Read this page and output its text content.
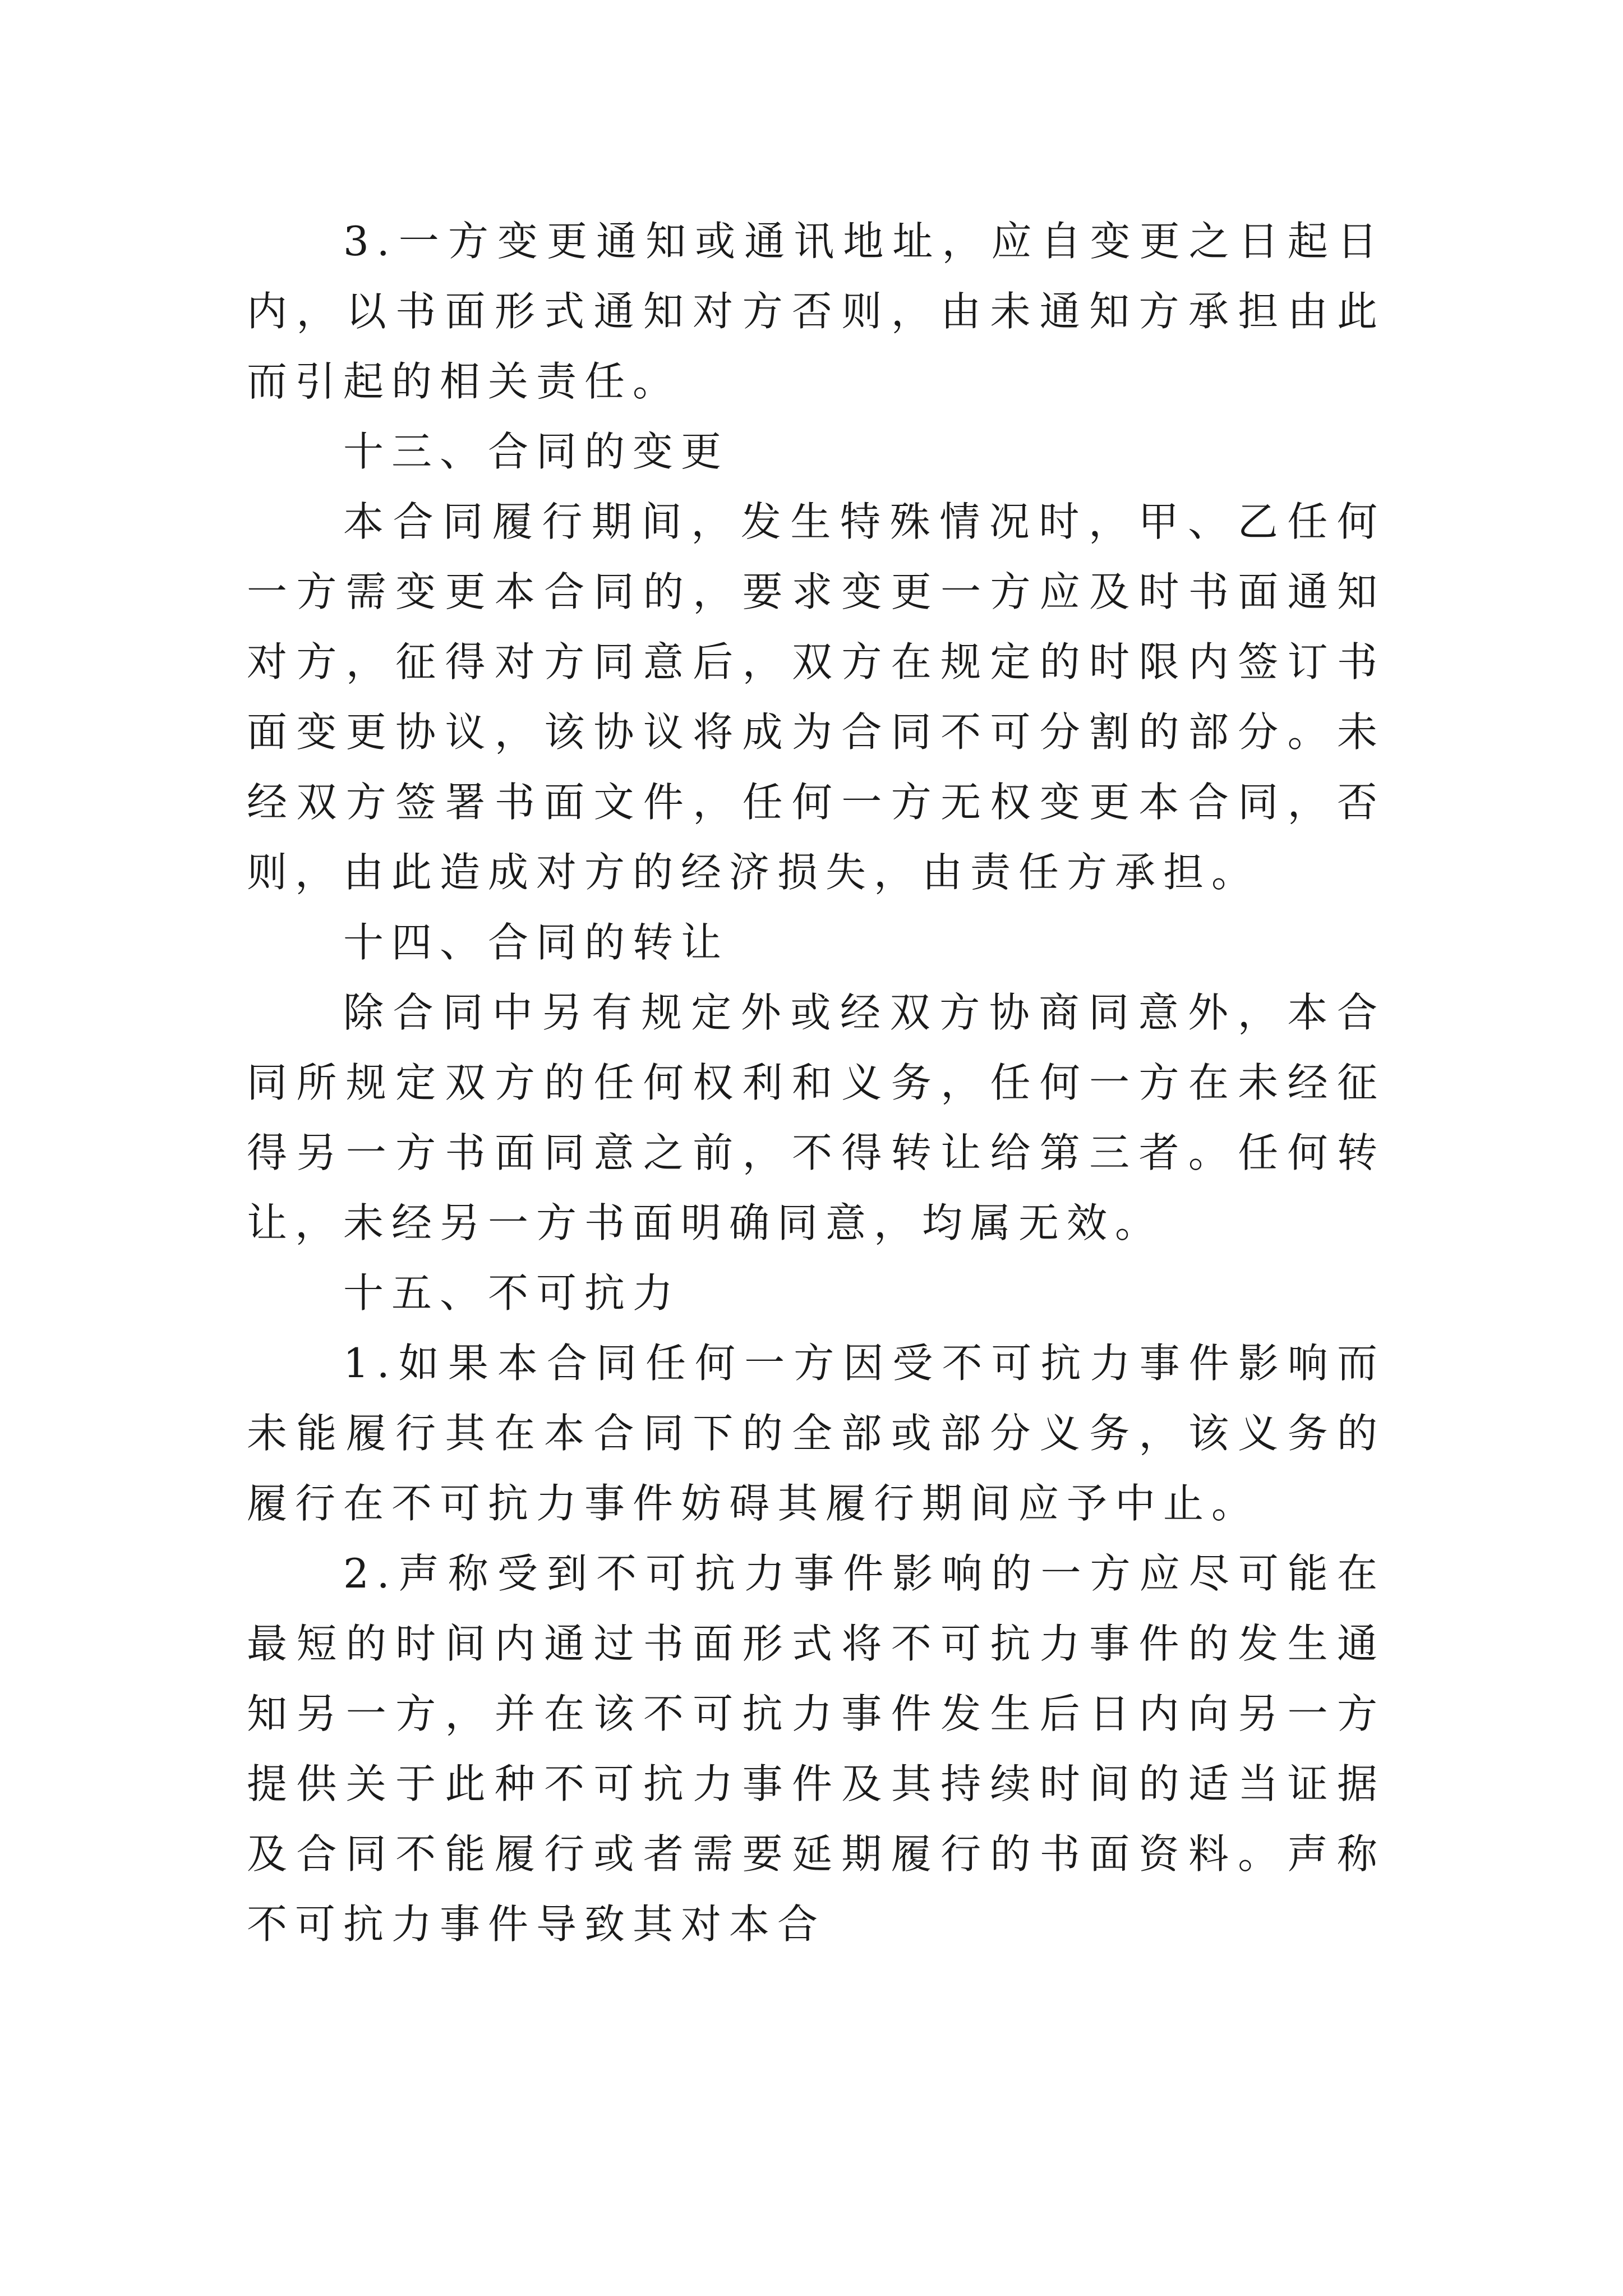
3.一方变更通知或通讯地址，应自变更之日起日内，以书面形式通知对方否则，由未通知方承担由此而引起的相关责任。

十三、合同的变更

本合同履行期间，发生特殊情况时，甲、乙任何一方需变更本合同的，要求变更一方应及时书面通知对方，征得对方同意后，双方在规定的时限内签订书面变更协议，该协议将成为合同不可分割的部分。未经双方签署书面文件，任何一方无权变更本合同，否则，由此造成对方的经济损失，由责任方承担。

十四、合同的转让

除合同中另有规定外或经双方协商同意外，本合同所规定双方的任何权利和义务，任何一方在未经征得另一方书面同意之前，不得转让给第三者。任何转让，未经另一方书面明确同意，均属无效。

十五、不可抗力

1.如果本合同任何一方因受不可抗力事件影响而未能履行其在本合同下的全部或部分义务，该义务的履行在不可抗力事件妨碍其履行期间应予中止。

2.声称受到不可抗力事件影响的一方应尽可能在最短的时间内通过书面形式将不可抗力事件的发生通知另一方，并在该不可抗力事件发生后日内向另一方提供关于此种不可抗力事件及其持续时间的适当证据及合同不能履行或者需要延期履行的书面资料。声称不可抗力事件导致其对本合
